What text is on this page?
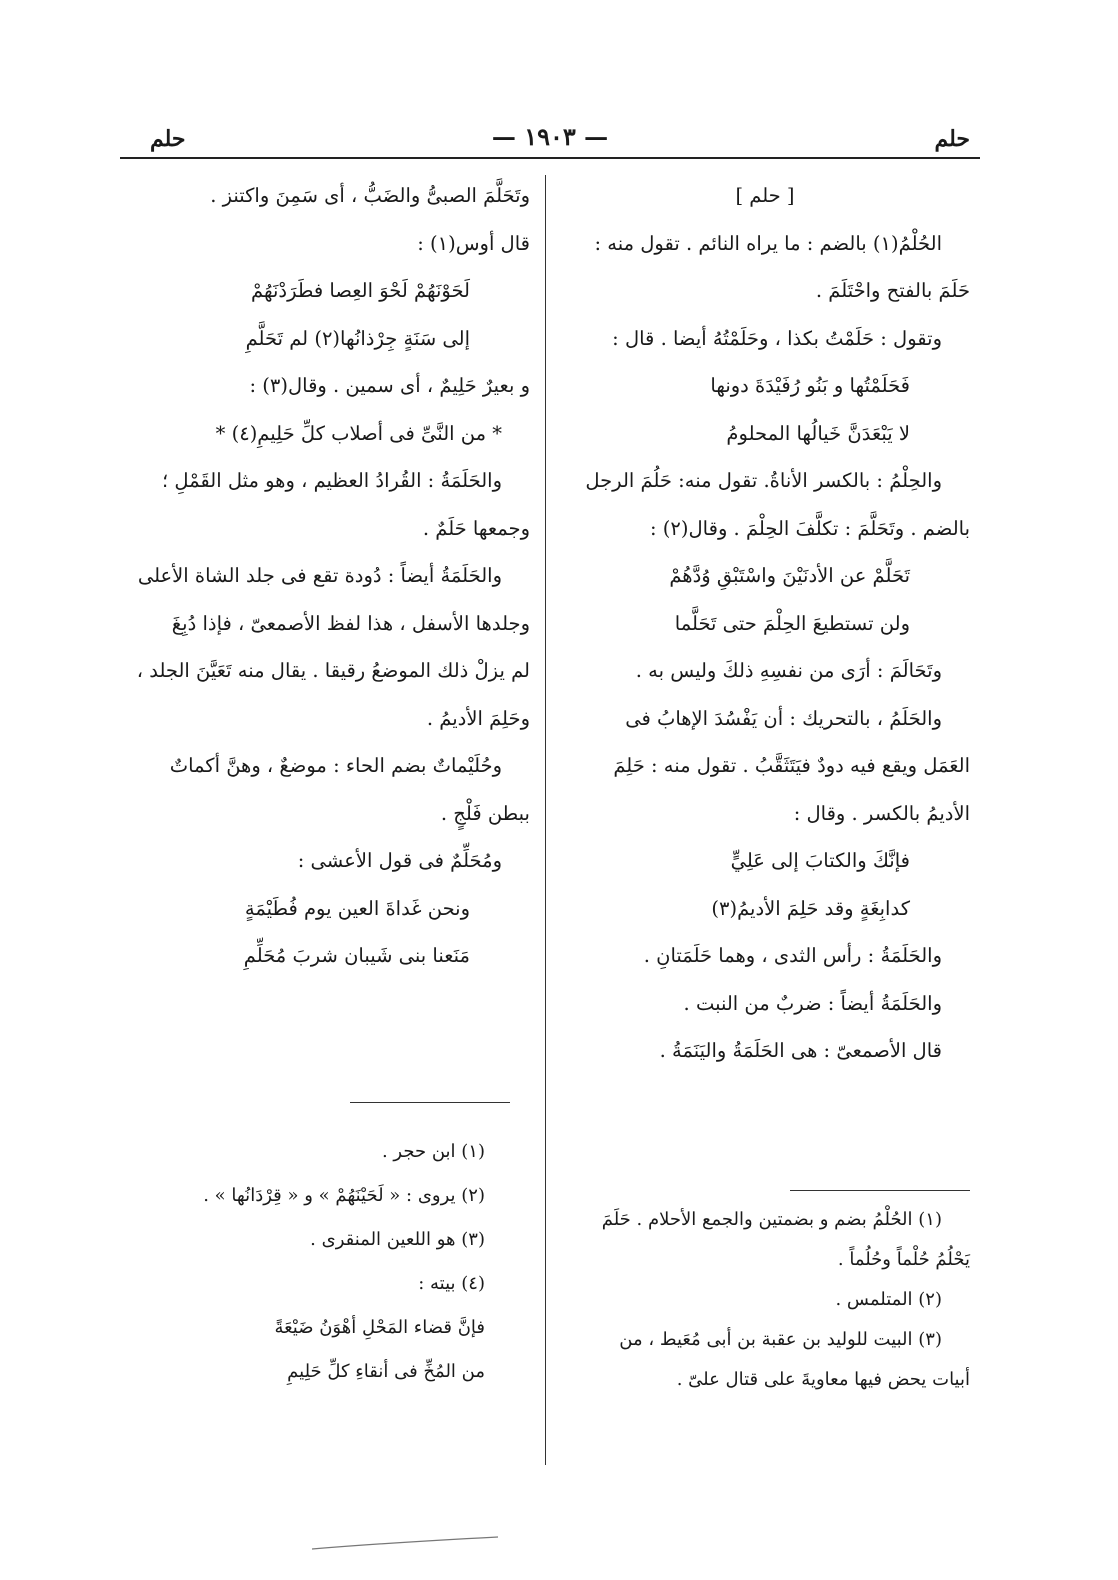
حلم
— ١٩٠٣ —
حلم
[ حلم ]
الحُلْمُ(١) بالضم : ما يراه النائم . تقول منه :
حَلَمَ بالفتح واحْتَلَمَ .
وتقول : حَلَمْتُ بكذا ، وحَلَمْتُهُ أيضا . قال :
فَحَلَمْتُها و بَنُو رُفَيْدَةَ دونها
لا يَبْعَدَنَّ خَيالُها المحلومُ
والحِلْمُ : بالكسر الأناةُ. تقول منه: حَلُمَ الرجل
بالضم . وتَحَلَّمَ : تكلَّفَ الحِلْمَ . وقال(٢) :
تَحَلَّمْ عن الأدنَيْنَ واسْتَبْقِ وُدَّهُمْ
ولن تستطيعَ الحِلْمَ حتى تَحَلَّما
وتَحَالَمَ : أرَى من نفسِهِ ذلكَ وليس به .
والحَلَمُ ، بالتحريك : أن يَفْسُدَ الإهابُ فى
العَمَل ويقع فيه دودٌ فيَتَثَقَّبُ . تقول منه : حَلِمَ
الأديمُ بالكسر . وقال :
فإنَّكَ والكتابَ إلى عَلِيٍّ
كدابِغَةٍ وقد حَلِمَ الأديمُ(٣)
والحَلَمَةُ : رأس الثدى ، وهما حَلَمَتانِ .
والحَلَمَةُ أيضاً : ضربٌ من النبت .
قال الأصمعىّ : هى الحَلَمَةُ واليَنَمَةُ .
(١) الحُلْمُ بضم و بضمتين والجمع الأحلام . حَلَمَ
يَحْلُمُ حُلْماً وحُلُماً .
(٢) المتلمس .
(٣) البيت للوليد بن عقبة بن أبى مُعَيط ، من
أبيات يحض فيها معاويةَ على قتال علىّ .
وتَحَلَّمَ الصبىُّ والضَبُّ ، أى سَمِنَ واكتنز .
قال أوس(١) :
لَحَوْنَهُمْ لَحْوَ العِصا فطَرَدْنَهُمْ
إلى سَنَةٍ جِرْذانُها(٢) لم تَحَلَّمِ
و بعيرٌ حَلِيمٌ ، أى سمين . وقال(٣) :
* من النَّىِّ فى أصلاب كلِّ حَلِيمِ(٤) *
والحَلَمَةُ : القُرادُ العظيم ، وهو مثل القَمْلِ ؛
وجمعها حَلَمٌ .
والحَلَمَةُ أيضاً : دُودة تقع فى جلد الشاة الأعلى
وجلدها الأسفل ، هذا لفظ الأصمعىّ ، فإذا دُبِغَ
لم يزلْ ذلك الموضعُ رقيقا . يقال منه تَعَيَّنَ الجلد ،
وحَلِمَ الأديمُ .
وحُلَيْماتٌ بضم الحاء : موضعٌ ، وهنَّ أكماتٌ
ببطن فَلْجٍ .
ومُحَلِّمٌ فى قول الأعشى :
ونحن غَداةَ العين يوم فُطَيْمَةٍ
مَنَعنا بنى شَيبان شربَ مُحَلِّمِ
(١) ابن حجر .
(٢) يروى : « لَحَيْنَهُمْ » و « قِرْدَانُها » .
(٣) هو اللعين المنقرى .
(٤) بيته :
فإنَّ قضاء المَحْلِ أهْوَنُ ضَيْعَةً
من المُخِّ فى أنقاءِ كلِّ حَلِيمِ
